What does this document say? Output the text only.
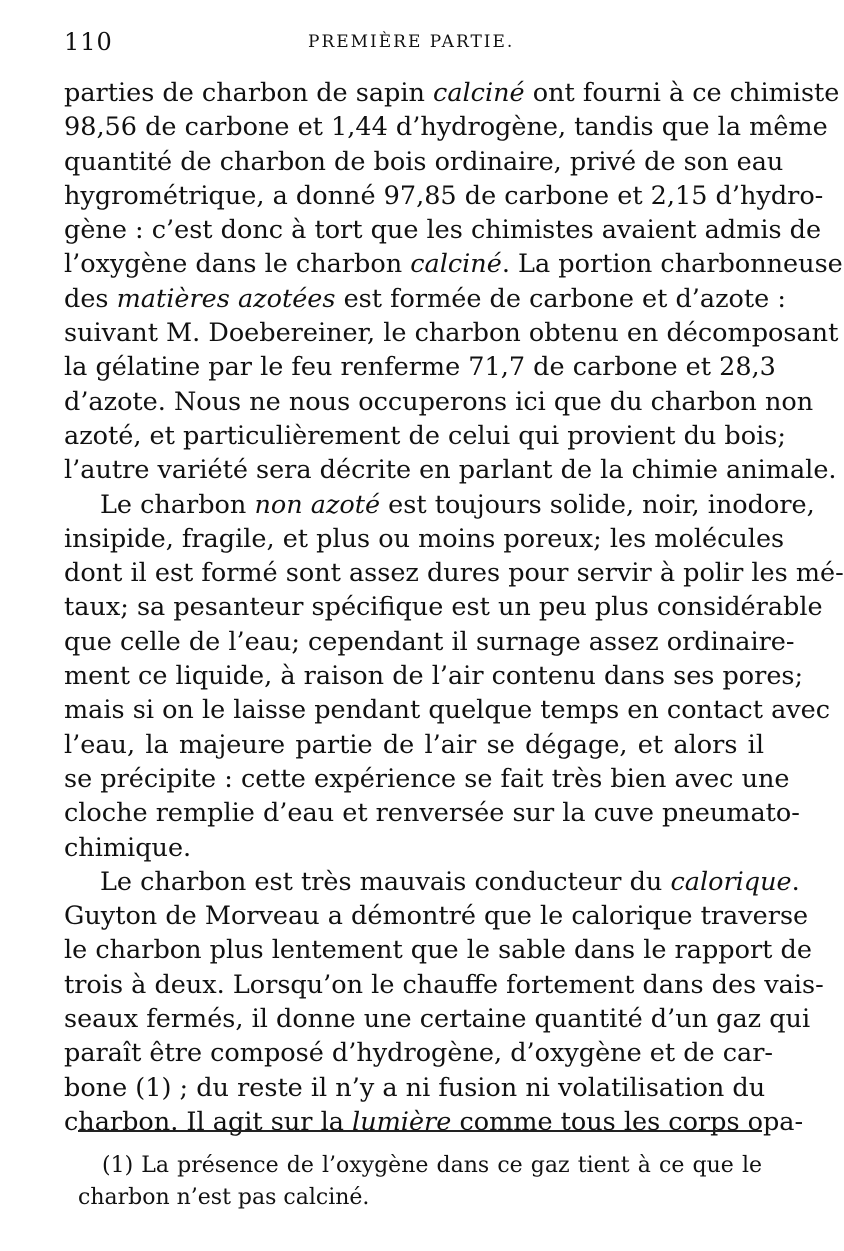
110	PREMIÈRE PARTIE.
parties de charbon de sapin calciné ont fourni à ce chimiste
98,56 de carbone et 1,44 d’hydrogène, tandis que la même
quantité de charbon de bois ordinaire, privé de son eau
hygrométrique, a donné 97,85 de carbone et 2,15 d’hydro-
gène : c’est donc à tort que les chimistes avaient admis de
l’oxygène dans le charbon calciné. La portion charbonneuse
des matières azotées est formée de carbone et d’azote :
suivant M. Doebereiner, le charbon obtenu en décomposant
la gélatine par le feu renferme 71,7 de carbone et 28,3
d’azote. Nous ne nous occuperons ici que du charbon non
azoté, et particulièrement de celui qui provient du bois;
l’autre variété sera décrite en parlant de la chimie animale.
Le charbon non azoté est toujours solide, noir, inodore,
insipide, fragile, et plus ou moins poreux; les molécules
dont il est formé sont assez dures pour servir à polir les mé-
taux; sa pesanteur spécifique est un peu plus considérable
que celle de l’eau; cependant il surnage assez ordinaire-
ment ce liquide, à raison de l’air contenu dans ses pores;
mais si on le laisse pendant quelque temps en contact avec
l’eau, la majeure partie de l’air se dégage, et alors il
se précipite : cette expérience se fait très bien avec une
cloche remplie d’eau et renversée sur la cuve pneumato-
chimique.
Le charbon est très mauvais conducteur du calorique.
Guyton de Morveau a démontré que le calorique traverse
le charbon plus lentement que le sable dans le rapport de
trois à deux. Lorsqu’on le chauffe fortement dans des vais-
seaux fermés, il donne une certaine quantité d’un gaz qui
paraît être composé d’hydrogène, d’oxygène et de car-
bone (1) ; du reste il n’y a ni fusion ni volatilisation du
charbon. Il agit sur la lumière comme tous les corps opa-
(1) La présence de l’oxygène dans ce gaz tient à ce que le
charbon n’est pas calciné.
